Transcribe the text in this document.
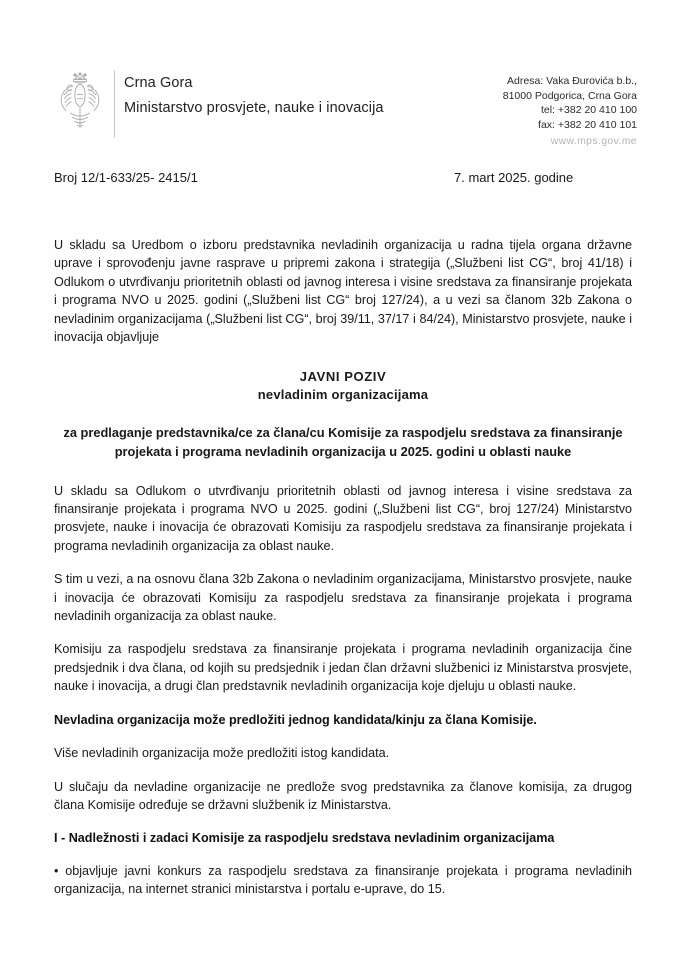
Crna Gora
Ministarstvo prosvjete, nauke i inovacija
Adresa: Vaka Đurovića b.b.,
81000 Podgorica, Crna Gora
tel: +382 20 410 100
fax: +382 20 410 101
www.mps.gov.me
Broj 12/1-633/25- 2415/1	7. mart 2025. godine

U skladu sa Uredbom o izboru predstavnika nevladinih organizacija u radna tijela organa državne uprave i sprovođenju javne rasprave u pripremi zakona i strategija („Službeni list CG“, broj 41/18) i Odlukom o utvrđivanju prioritetnih oblasti od javnog interesa i visine sredstava za finansiranje projekata i programa NVO u 2025. godini („Službeni list CG“ broj 127/24), a u vezi sa članom 32b Zakona o nevladinim organizacijama („Službeni list CG“, broj 39/11, 37/17 i 84/24), Ministarstvo prosvjete, nauke i inovacija objavljuje

JAVNI POZIV
nevladinim organizacijama
za predlaganje predstavnika/ce za člana/cu Komisije za raspodjelu sredstava za finansiranje projekata i programa nevladinih organizacija u 2025. godini u oblasti nauke

U skladu sa Odlukom o utvrđivanju prioritetnih oblasti od javnog interesa i visine sredstava za finansiranje projekata i programa NVO u 2025. godini („Službeni list CG“, broj 127/24) Ministarstvo prosvjete, nauke i inovacija će obrazovati Komisiju za raspodjelu sredstava za finansiranje projekata i programa nevladinih organizacija za oblast nauke.

S tim u vezi, a na osnovu člana 32b Zakona o nevladinim organizacijama, Ministarstvo prosvjete, nauke i inovacija će obrazovati Komisiju za raspodjelu sredstava za finansiranje projekata i programa nevladinih organizacija za oblast nauke.

Komisiju za raspodjelu sredstava za finansiranje projekata i programa nevladinih organizacija čine predsjednik i dva člana, od kojih su predsjednik i jedan član državni službenici iz Ministarstva prosvjete, nauke i inovacija, a drugi član predstavnik nevladinih organizacija koje djeluju u oblasti nauke.

Nevladina organizacija može predložiti jednog kandidata/kinju za člana Komisije.

Više nevladinih organizacija može predložiti istog kandidata.

U slučaju da nevladine organizacije ne predlože svog predstavnika za članove komisija, za drugog člana Komisije određuje se državni službenik iz Ministarstva.

I - Nadležnosti i zadaci Komisije za raspodjelu sredstava nevladinim organizacijama

• objavljuje javni konkurs za raspodjelu sredstava za finansiranje projekata i programa nevladinih organizacija, na internet stranici ministarstva i portalu e-uprave, do 15.
